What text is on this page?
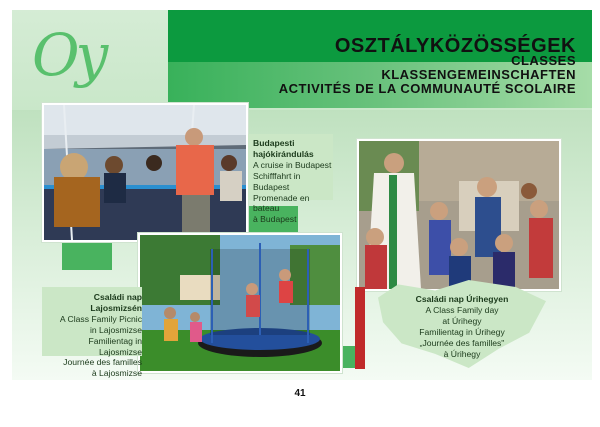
Oy	OSZTÁLYKÖZÖSSÉGEK
CLASSES
KLASSENGEMEINSCHAFTEN
ACTIVITÉS DE LA COMMUNAUTÉ SCOLAIRE
Budapesti hajókirándulás
A cruise in Budapest
Schifffahrt in Budapest
Promenade en bateau
à Budapest
Családi nap Lajosmizsén
A Class Family Picnic
in Lajosmizse
Familientag in Lajosmizse
Journée des familles
à Lajosmizse
Családi nap Úrihegyen
A Class Family day
at Úrihegy
Familientag in Úrihegy
„Journée des familles"
à Úrihegy
41
